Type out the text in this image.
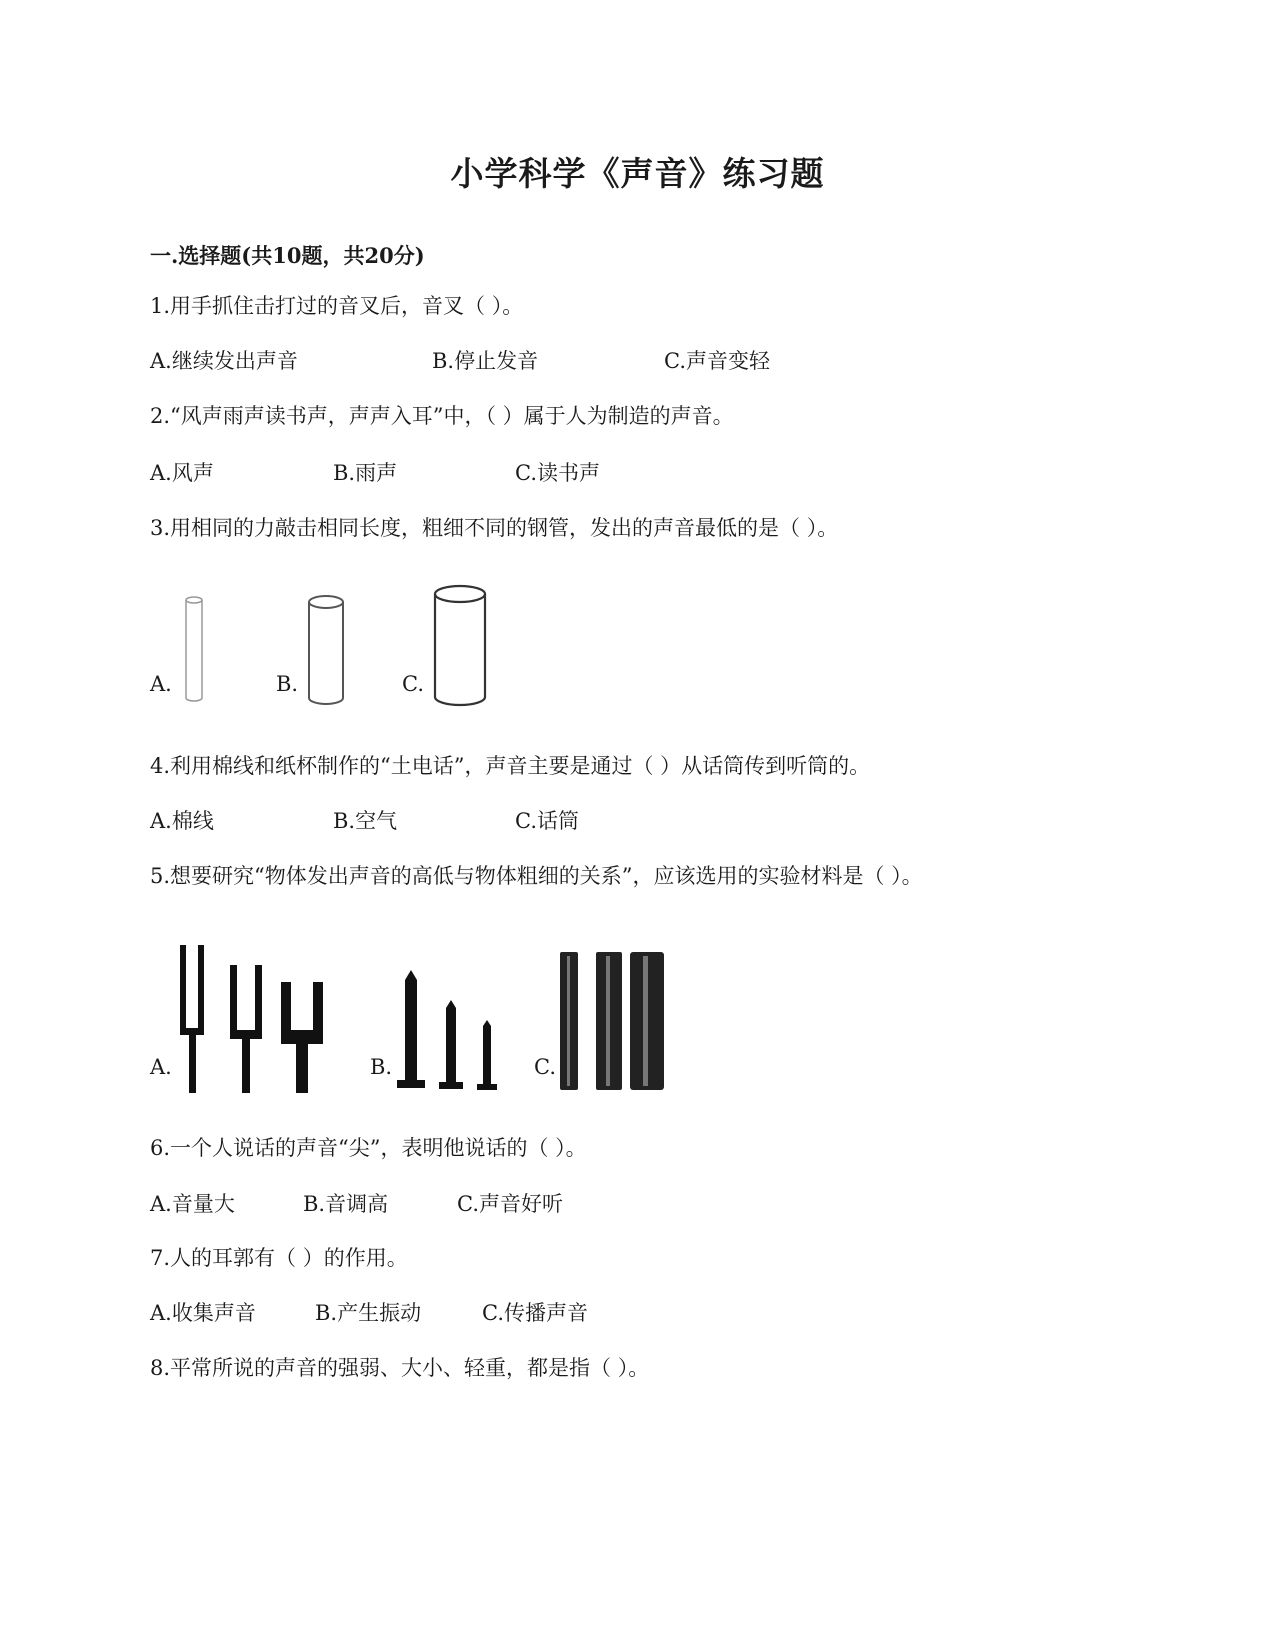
小学科学《声音》练习题
一.选择题(共10题，共20分)
1.用手抓住击打过的音叉后，音叉（ ）。
A.继续发出声音	B.停止发音	C.声音变轻
2.“风声雨声读书声，声声入耳”中，（ ）属于人为制造的声音。
A.风声	B.雨声	C.读书声
3.用相同的力敲击相同长度，粗细不同的钢管，发出的声音最低的是（ ）。
A.	B.	C.
4.利用棉线和纸杯制作的“土电话”，声音主要是通过（ ）从话筒传到听筒的。
A.棉线	B.空气	C.话筒
5.想要研究“物体发出声音的高低与物体粗细的关系”，应该选用的实验材料是（ ）。
A.	B.	C.
6.一个人说话的声音“尖”，表明他说话的（ ）。
A.音量大	B.音调高	C.声音好听
7.人的耳郭有（ ）的作用。
A.收集声音	B.产生振动	C.传播声音
8.平常所说的声音的强弱、大小、轻重，都是指（ ）。
